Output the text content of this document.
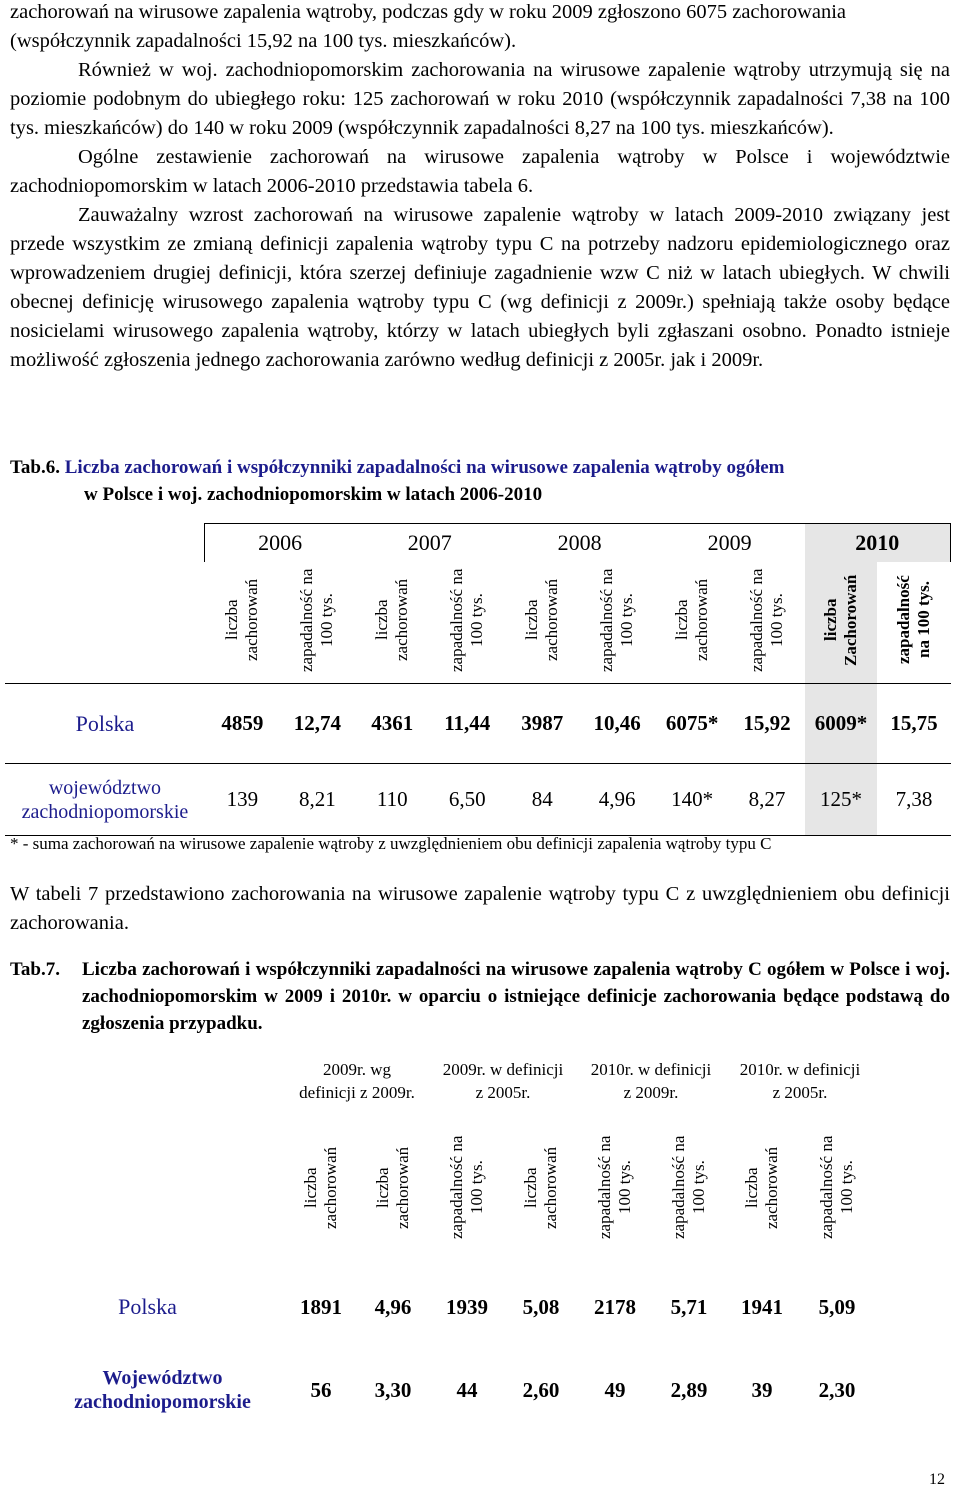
zachorowań na wirusowe zapalenia wątroby, podczas gdy w roku 2009 zgłoszono 6075 zachorowania (współczynnik zapadalności 15,92 na 100 tys. mieszkańców).

Również w woj. zachodniopomorskim zachorowania na wirusowe zapalenie wątroby utrzymują się na poziomie podobnym do ubiegłego roku: 125 zachorowań w roku 2010 (współczynnik zapadalności 7,38 na 100 tys. mieszkańców) do 140 w roku 2009 (współczynnik zapadalności 8,27 na 100 tys. mieszkańców).

Ogólne zestawienie zachorowań na wirusowe zapalenia wątroby w Polsce i województwie zachodniopomorskim w latach 2006-2010 przedstawia tabela 6.

Zauważalny wzrost zachorowań na wirusowe zapalenie wątroby w latach 2009-2010 związany jest przede wszystkim ze zmianą definicji zapalenia wątroby typu C na potrzeby nadzoru epidemiologicznego oraz wprowadzeniem drugiej definicji, która szerzej definiuje zagadnienie wzw C niż w latach ubiegłych. W chwili obecnej definicję wirusowego zapalenia wątroby typu C (wg definicji z 2009r.) spełniają także osoby będące nosicielami wirusowego zapalenia wątroby, którzy w latach ubiegłych byli zgłaszani osobno. Ponadto istnieje możliwość zgłoszenia jednego zachorowania zarówno według definicji z 2005r. jak i 2009r.

Tab.6. Liczba zachorowań i współczynniki zapadalności na wirusowe zapalenia wątroby ogółem
w Polsce i woj. zachodniopomorskim w latach 2006-2010
	2006		2007		2008		2009		2010	
	liczba zachorowań	zapadalność na 100 tys.	liczba zachorowań	zapadalność na 100 tys.	liczba zachorowań	zapadalność na 100 tys.	liczba zachorowań	zapadalność na 100 tys.	liczba Zachorowań	zapadalność na 100 tys.
Polska	4859	12,74	4361	11,44	3987	10,46	6075*	15,92	6009*	15,75
województwo zachodniopomorskie	139	8,21	110	6,50	84	4,96	140*	8,27	125*	7,38
* - suma zachorowań na wirusowe zapalenie wątroby z uwzględnieniem obu definicji zapalenia wątroby typu C

W tabeli 7 przedstawiono zachorowania na wirusowe zapalenie wątroby typu C z uwzględnieniem obu definicji zachorowania.

Tab.7.	Liczba zachorowań i współczynniki zapadalności na wirusowe zapalenia wątroby C ogółem w Polsce i woj. zachodniopomorskim w 2009 i 2010r. w oparciu o istniejące definicje zachorowania będące podstawą do zgłoszenia przypadku.
	2009r. wg definicji z 2009r.		2009r. w definicji z 2005r.		2010r. w definicji z 2009r.		2010r. w definicji z 2005r.	
	liczba zachorowań	liczba zachorowań	zapadalność na 100 tys.	liczba zachorowań	zapadalność na 100 tys.	zapadalność na 100 tys.	liczba zachorowań	zapadalność na 100 tys.
Polska	1891	4,96	1939	5,08	2178	5,71	1941	5,09
Województwo zachodniopomorskie	56	3,30	44	2,60	49	2,89	39	2,30
12
